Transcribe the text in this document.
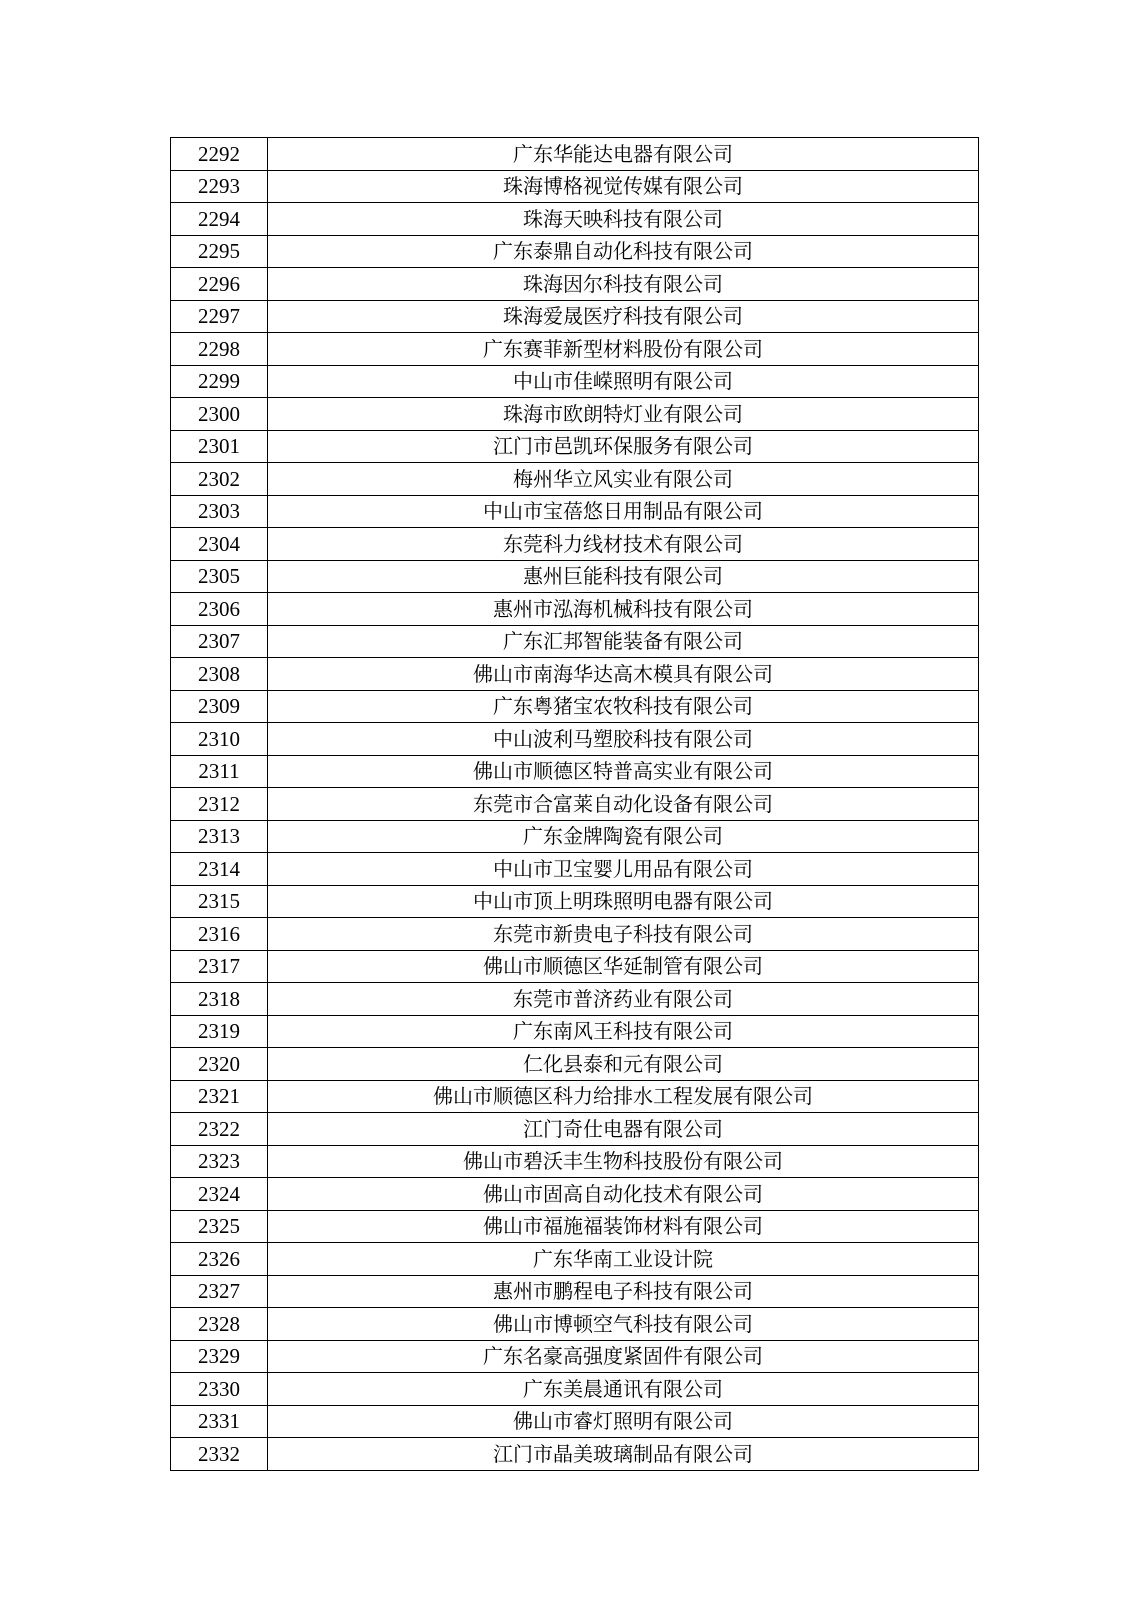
2292	广东华能达电器有限公司
2293	珠海博格视觉传媒有限公司
2294	珠海天映科技有限公司
2295	广东泰鼎自动化科技有限公司
2296	珠海因尔科技有限公司
2297	珠海爱晟医疗科技有限公司
2298	广东赛菲新型材料股份有限公司
2299	中山市佳嵘照明有限公司
2300	珠海市欧朗特灯业有限公司
2301	江门市邑凯环保服务有限公司
2302	梅州华立风实业有限公司
2303	中山市宝蓓悠日用制品有限公司
2304	东莞科力线材技术有限公司
2305	惠州巨能科技有限公司
2306	惠州市泓海机械科技有限公司
2307	广东汇邦智能装备有限公司
2308	佛山市南海华达高木模具有限公司
2309	广东粤猪宝农牧科技有限公司
2310	中山波利马塑胶科技有限公司
2311	佛山市顺德区特普高实业有限公司
2312	东莞市合富莱自动化设备有限公司
2313	广东金牌陶瓷有限公司
2314	中山市卫宝婴儿用品有限公司
2315	中山市顶上明珠照明电器有限公司
2316	东莞市新贵电子科技有限公司
2317	佛山市顺德区华延制管有限公司
2318	东莞市普济药业有限公司
2319	广东南风王科技有限公司
2320	仁化县泰和元有限公司
2321	佛山市顺德区科力给排水工程发展有限公司
2322	江门奇仕电器有限公司
2323	佛山市碧沃丰生物科技股份有限公司
2324	佛山市固高自动化技术有限公司
2325	佛山市福施福装饰材料有限公司
2326	广东华南工业设计院
2327	惠州市鹏程电子科技有限公司
2328	佛山市博顿空气科技有限公司
2329	广东名豪高强度紧固件有限公司
2330	广东美晨通讯有限公司
2331	佛山市睿灯照明有限公司
2332	江门市晶美玻璃制品有限公司
